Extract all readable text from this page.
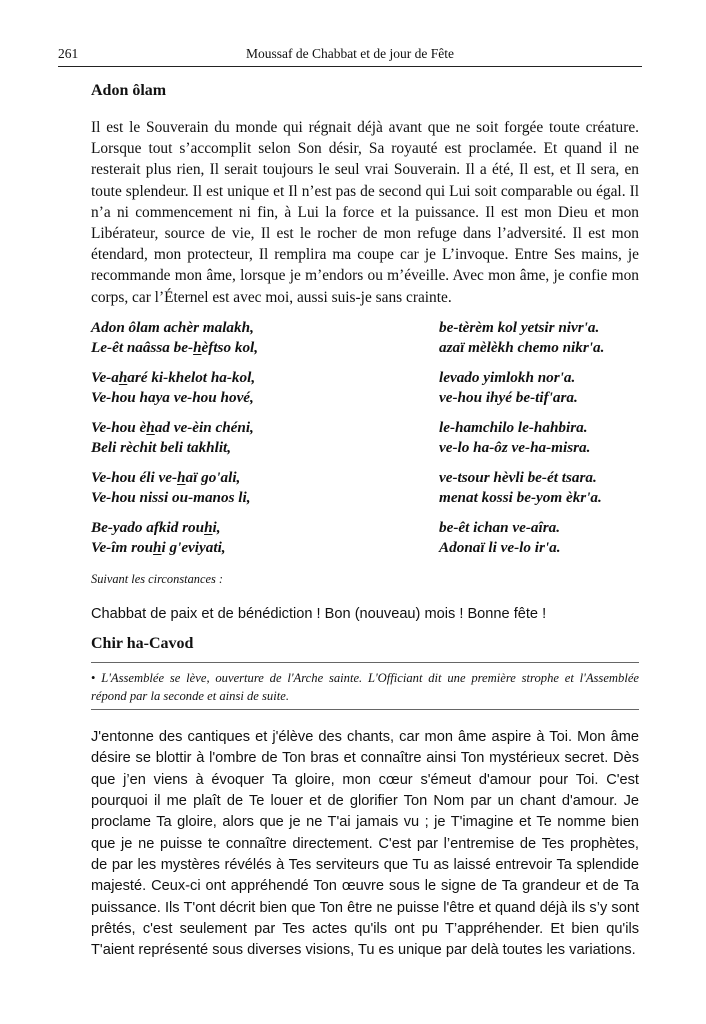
261	Moussaf de Chabbat et de jour de Fête
Adon ôlam

Il est le Souverain du monde qui régnait déjà avant que ne soit forgée toute créature. Lorsque tout s’accomplit selon Son désir, Sa royauté est proclamée. Et quand il ne resterait plus rien, Il serait toujours le seul vrai Souverain. Il a été, Il est, et Il sera, en toute splendeur. Il est unique et Il n’est pas de second qui Lui soit comparable ou égal. Il n’a ni commencement ni fin, à Lui la force et la puissance. Il est mon Dieu et mon Libérateur, source de vie, Il est le rocher de mon refuge dans l’adversité. Il est mon étendard, mon protecteur, Il remplira ma coupe car je L’invoque. Entre Ses mains, je recommande mon âme, lorsque je m’endors ou m’éveille. Avec mon âme, je confie mon corps, car l’Éternel est avec moi, aussi suis-je sans crainte.

Adon ôlam achèr malakh,
Le-êt naâssa be-hèftso kol,
be-tèrèm kol yetsir nivr'a.
azaï mèlèkh chemo nikr'a.
Ve-aharé ki-khelot ha-kol,
Ve-hou haya ve-hou hové,
levado yimlokh nor'a.
ve-hou ihyé be-tif'ara.
Ve-hou èhad ve-èin chéni,
Beli rèchit beli takhlit,
le-hamchilo le-hahbira.
ve-lo ha-ôz ve-ha-misra.
Ve-hou éli ve-haï go'ali,
Ve-hou nissi ou-manos li,
ve-tsour hèvli be-ét tsara.
menat kossi be-yom èkr'a.
Be-yado afkid rouhi,
Ve-îm rouhi g'eviyati,
be-êt ichan ve-aîra.
Adonaï li ve-lo ir'a.

Suivant les circonstances :

Chabbat de paix et de bénédiction ! Bon (nouveau) mois ! Bonne fête !

Chir ha-Cavod

• L'Assemblée se lève, ouverture de l'Arche sainte. L'Officiant dit une première strophe et l'Assemblée répond par la seconde et ainsi de suite.

J'entonne des cantiques et j'élève des chants, car mon âme aspire à Toi. Mon âme désire se blottir à l'ombre de Ton bras et connaître ainsi Ton mystérieux secret. Dès que j’en viens à évoquer Ta gloire, mon cœur s'émeut d'amour pour Toi. C'est pourquoi il me plaît de Te louer et de glorifier Ton Nom par un chant d'amour. Je proclame Ta gloire, alors que je ne T'ai jamais vu ; je T'imagine et Te nomme bien que je ne puisse te connaître directement. C'est par l’entremise de Tes prophètes, de par les mystères révélés à Tes serviteurs que Tu as laissé entrevoir Ta splendide majesté. Ceux-ci ont appréhendé Ton œuvre sous le signe de Ta grandeur et de Ta puissance. Ils T'ont décrit bien que Ton être ne puisse l'être et quand déjà ils s’y sont prêtés, c'est seulement par Tes actes qu'ils ont pu T’appréhender. Et bien qu'ils T'aient représenté sous diverses visions, Tu es unique par delà toutes les variations.
